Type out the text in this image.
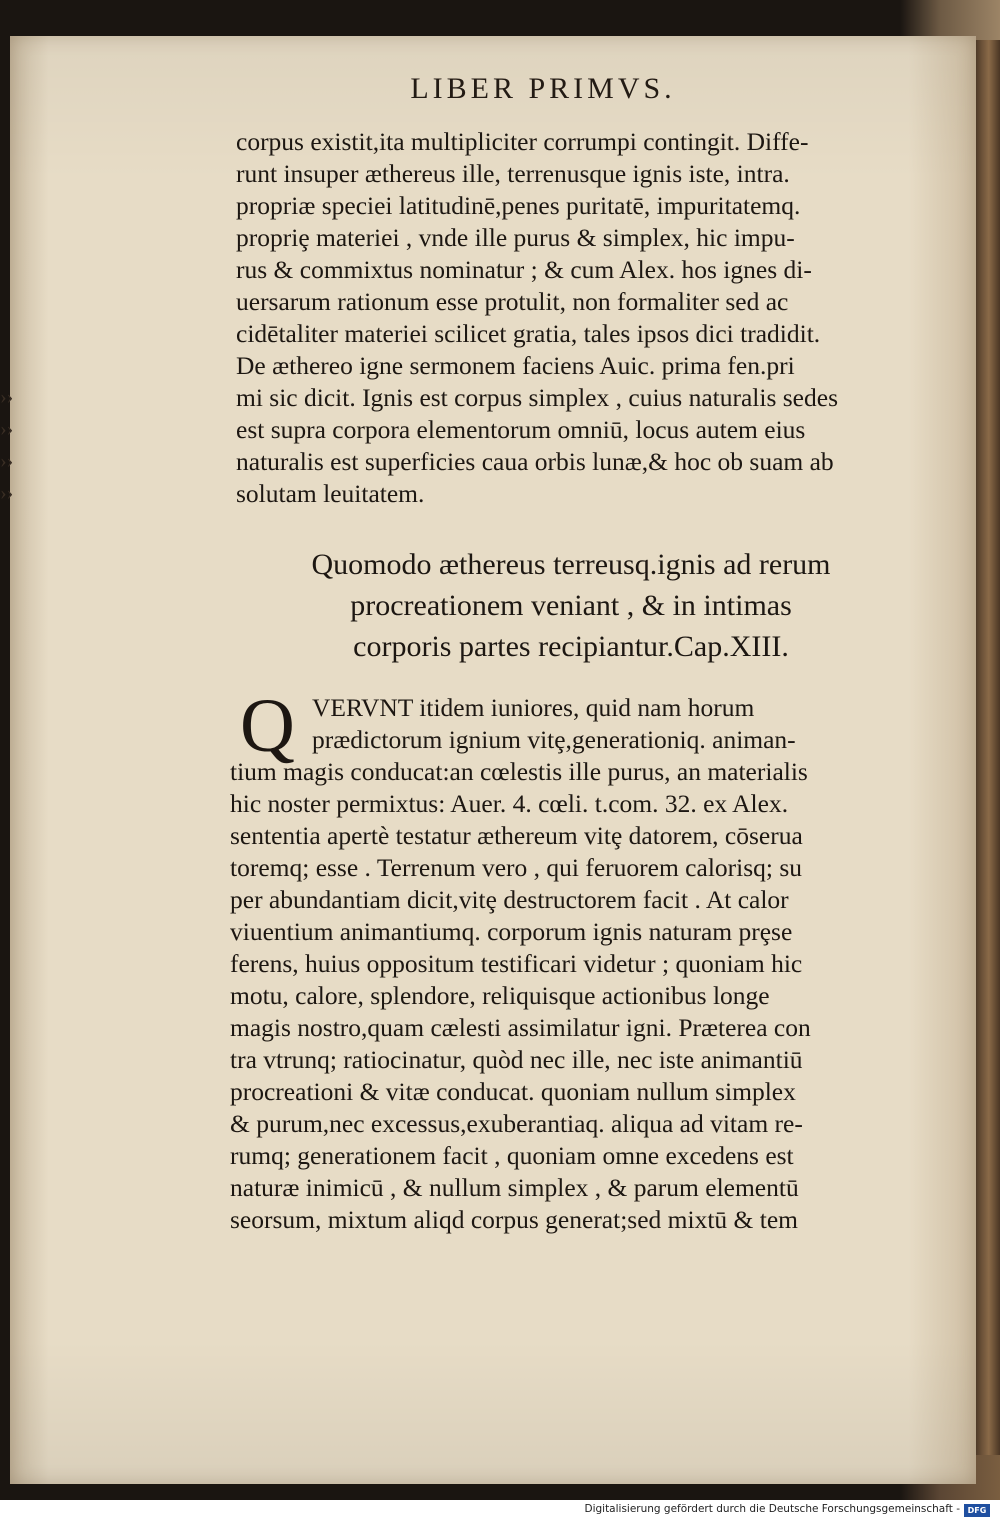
LIBER PRIMVS.
corpus existit,ita multipliciter corrumpi contingit. Diffe-
runt insuper æthereus ille, terrenusque ignis iste, intra.
propriæ speciei latitudinē,penes puritatē, impuritatemq.
propriȩ materiei , vnde ille purus & simplex, hic impu-
rus & commixtus nominatur ; & cum Alex. hos ignes di-
uersarum rationum esse protulit, non formaliter sed ac
cidētaliter materiei scilicet gratia, tales ipsos dici tradidit.
De æthereo igne sermonem faciens Auic. prima fen.pri
mi sic dicit. Ignis est corpus simplex , cuius naturalis sedes
est supra corpora elementorum omniū, locus autem eius
naturalis est superficies caua orbis lunæ,& hoc ob suam ab
solutam leuitatem.
››
››
››
››
Quomodo æthereus terreusq.ignis ad rerum
procreationem veniant , & in intimas
corporis partes recipiantur.Cap.XIII.
Q VERVNT itidem iuniores, quid nam horum
prædictorum ignium vitȩ,generationiq. animan-
tium magis conducat:an cœlestis ille purus, an materialis
hic noster permixtus: Auer. 4. cœli. t.com. 32. ex Alex.
sententia apertè testatur æthereum vitȩ datorem, cōserua
toremq; esse . Terrenum vero , qui feruorem calorisq; su
per abundantiam dicit,vitȩ destructorem facit . At calor
viuentium animantiumq. corporum ignis naturam prȩse
ferens, huius oppositum testificari videtur ; quoniam hic
motu, calore, splendore, reliquisque actionibus longe
magis nostro,quam cælesti assimilatur igni. Præterea con
tra vtrunq; ratiocinatur, quòd nec ille, nec iste animantiū
procreationi & vitæ conducat. quoniam nullum simplex
& purum,nec excessus,exuberantiaq. aliqua ad vitam re-
rumq; generationem facit , quoniam omne excedens est
naturæ inimicū , & nullum simplex , & parum elementū
seorsum, mixtum aliqd corpus generat;sed mixtū & tem
Digitalisierung gefördert durch die Deutsche Forschungsgemeinschaft - DFG
